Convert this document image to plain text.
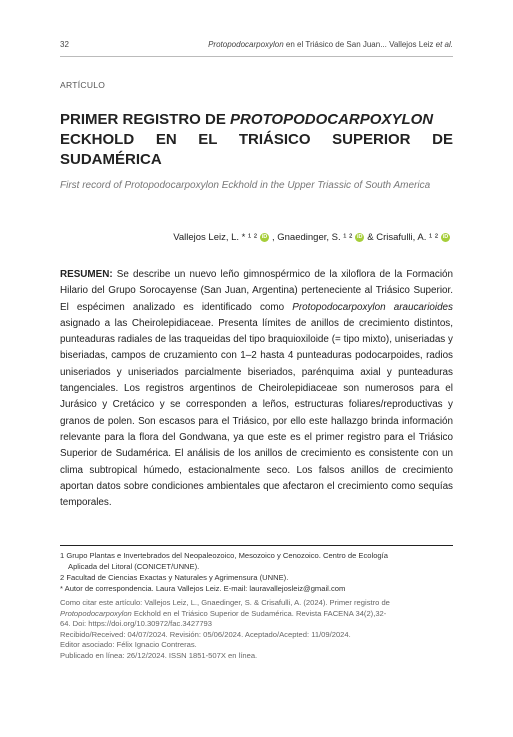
32	Protopodocarpoxylon en el Triásico de San Juan... Vallejos Leiz et al.
ARTÍCULO
PRIMER REGISTRO DE PROTOPODOCARPOXYLON
ECKHOLD EN EL TRIÁSICO SUPERIOR DE
SUDAMÉRICA
First record of Protopodocarpoxylon Eckhold in the Upper Triassic of South America
Vallejos Leiz, L. * ¹ ² iD , Gnaedinger, S. ¹ ² iD & Crisafulli, A. ¹ ² iD
RESUMEN: Se describe un nuevo leño gimnospérmico de la xiloflora de la Formación Hilario del Grupo Sorocayense (San Juan, Argentina) perteneciente al Triásico Superior. El espécimen analizado es identificado como Protopodocarpoxylon araucarioides asignado a las Cheirolepidiaceae. Presenta límites de anillos de crecimiento distintos, punteaduras radiales de las traqueidas del tipo braquioxiloide (= tipo mixto), uniseriadas y biseriadas, campos de cruzamiento con 1–2 hasta 4 punteaduras podocarpoides, radios uniseriados y uniseriados parcialmente biseriados, parénquima axial y punteaduras tangenciales. Los registros argentinos de Cheirolepidiaceae son numerosos para el Jurásico y Cretácico y se corresponden a leños, estructuras foliares/reproductivas y granos de polen. Son escasos para el Triásico, por ello este hallazgo brinda información relevante para la flora del Gondwana, ya que este es el primer registro para el Triásico Superior de Sudamérica. El análisis de los anillos de crecimiento es consistente con un clima subtropical húmedo, estacionalmente seco. Los falsos anillos de crecimiento aportan datos sobre condiciones ambientales que afectaron el crecimiento como sequías temporales.
1 Grupo Plantas e Invertebrados del Neopaleozoico, Mesozoico y Cenozoico. Centro de Ecología
Aplicada del Litoral (CONICET/UNNE).
2 Facultad de Ciencias Exactas y Naturales y Agrimensura (UNNE).
* Autor de correspondencia. Laura Vallejos Leiz. E-mail: lauravallejosleiz@gmail.com
Como citar este artículo: Vallejos Leiz, L., Gnaedinger, S. & Crisafulli, A. (2024). Primer registro de
Protopodocarpoxylon Eckhold en el Triásico Superior de Sudamérica. Revista FACENA 34(2),32-
64. Doi: https://doi.org/10.30972/fac.3427793
Recibido/Received: 04/07/2024. Revisión: 05/06/2024. Aceptado/Acepted: 11/09/2024.
Editor asociado: Félix Ignacio Contreras.
Publicado en línea: 26/12/2024. ISSN 1851-507X en línea.
